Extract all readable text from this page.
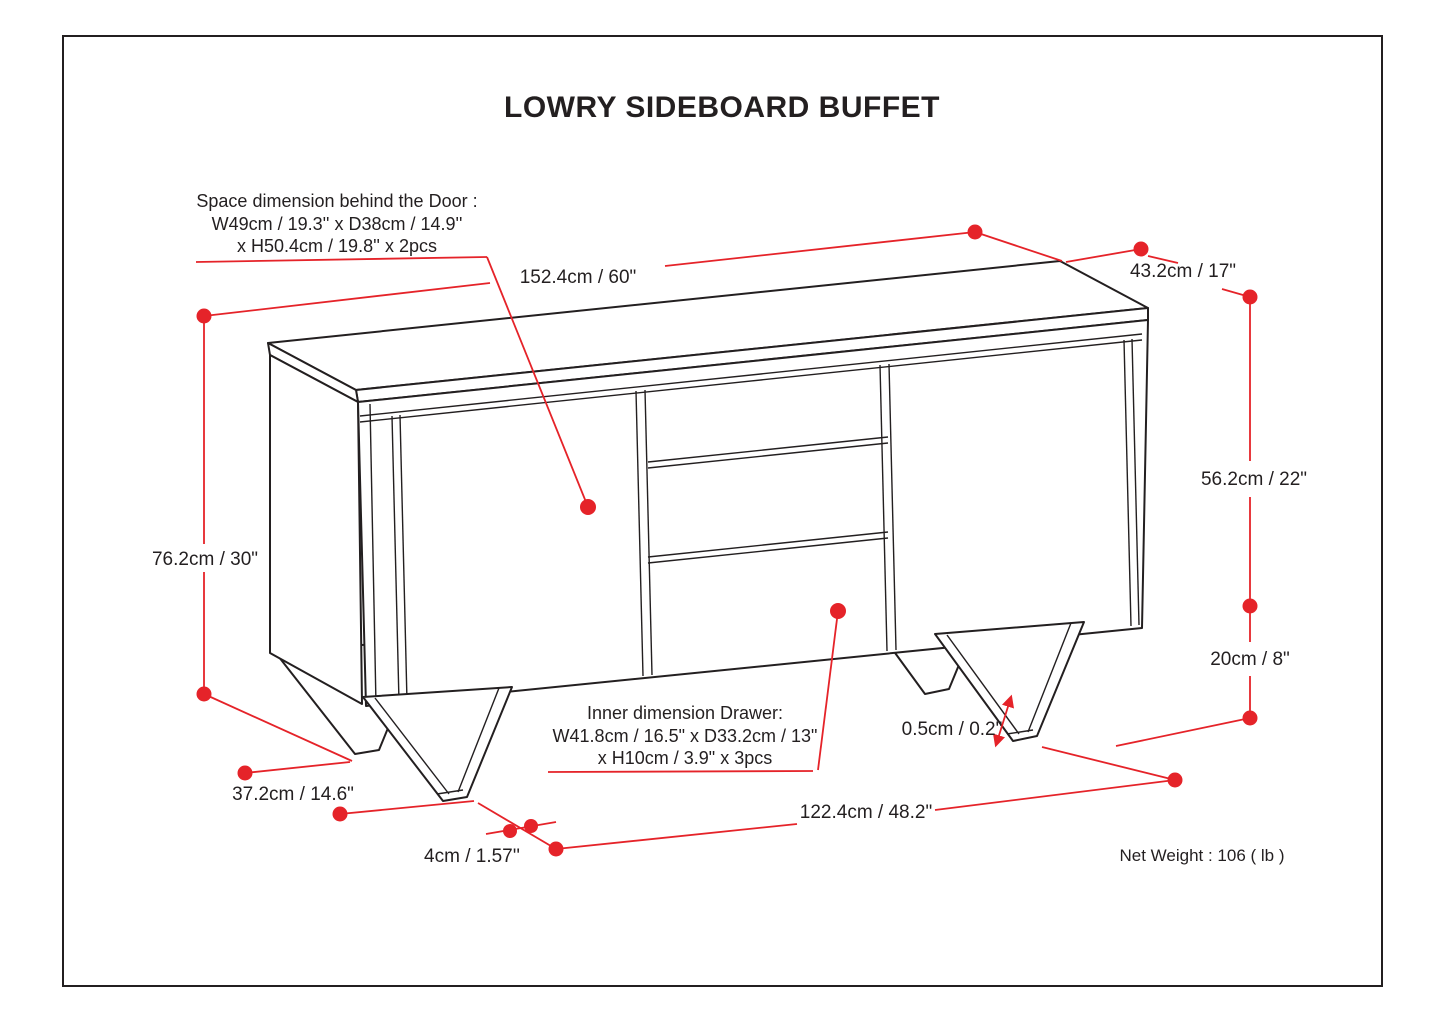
LOWRY SIDEBOARD BUFFET
Space dimension behind the Door :
W49cm / 19.3'' x D38cm / 14.9''
x H50.4cm / 19.8'' x 2pcs
152.4cm / 60"	43.2cm / 17"
56.2cm / 22"
76.2cm / 30"
20cm / 8"
Inner dimension Drawer:
W41.8cm / 16.5" x D33.2cm / 13"
x H10cm / 3.9" x 3pcs
0.5cm / 0.2"
37.2cm / 14.6"
4cm / 1.57''
122.4cm / 48.2"
Net Weight : 106 ( lb )
